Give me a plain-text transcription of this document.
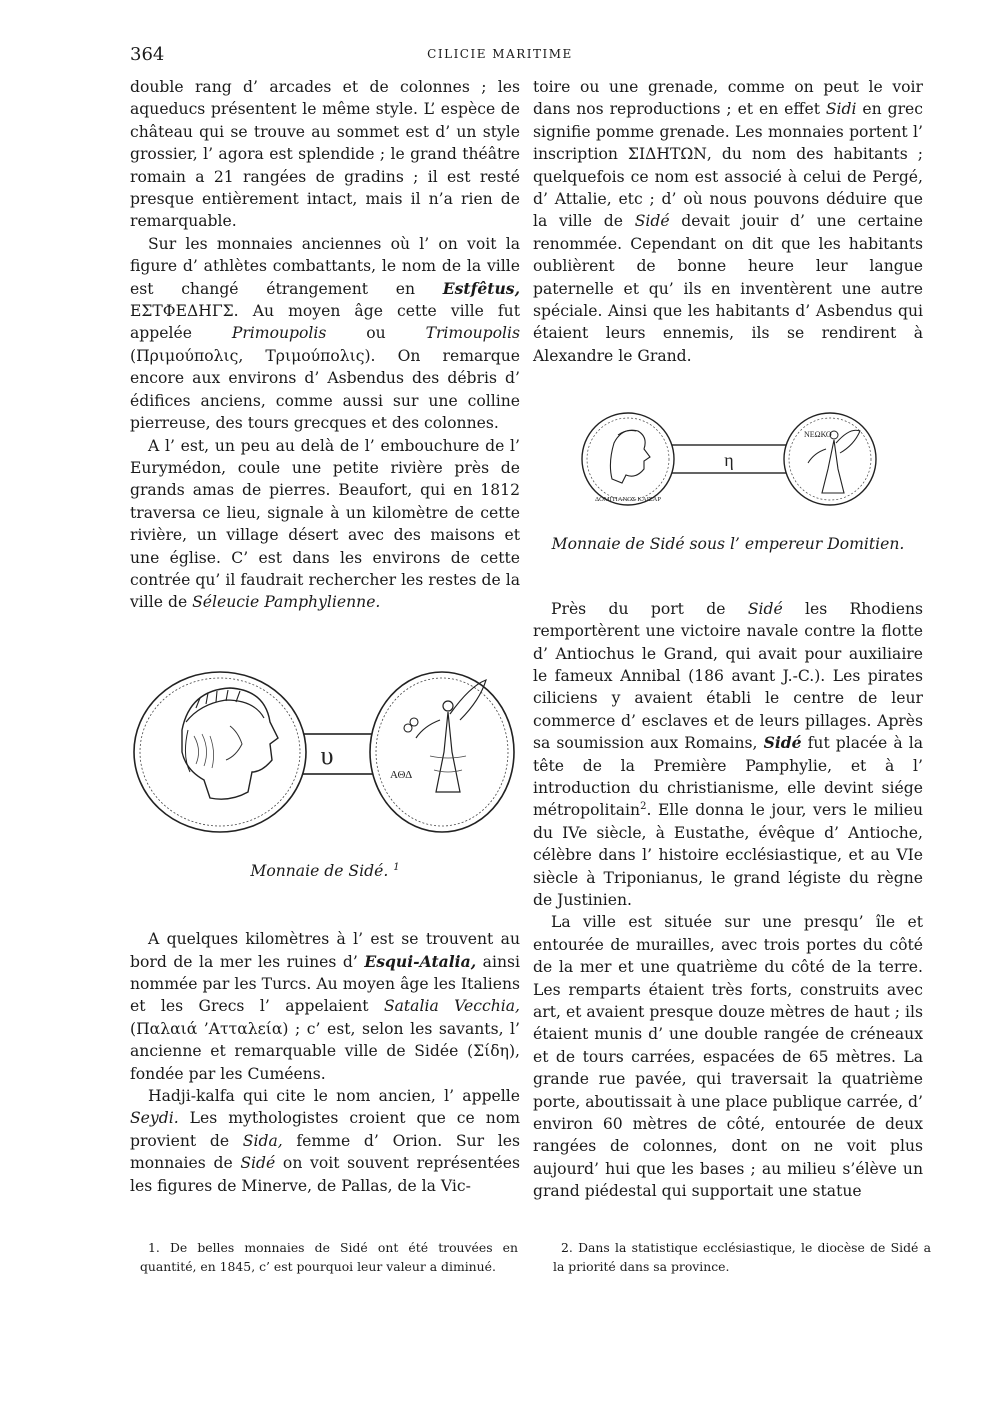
364	CILICIE MARITIME

double rang d’ arcades et de colonnes ; les aqueducs présentent le même style. L’ espèce de château qui se trouve au sommet est d’ un style grossier, l’ agora est splendide ; le grand théâtre romain a 21 rangées de gradins ; il est resté presque entièrement intact, mais il n’a rien de remarquable.

Sur les monnaies anciennes où l’ on voit la figure d’ athlètes combattants, le nom de la ville est changé étrangement en Estfêtus, ΕΣΤΦΕΔΗΓΣ. Au moyen âge cette ville fut appelée Primoupolis ou Trimoupolis (Πριμούπολις, Τριμούπολις). On remarque encore aux environs d’ Asbendus des débris d’ édifices anciens, comme aussi sur une colline pierreuse, des tours grecques et des colonnes.

A l’ est, un peu au delà de l’ embouchure de l’ Eurymédon, coule une petite rivière près de grands amas de pierres. Beaufort, qui en 1812 traversa ce lieu, signale à un kilomètre de cette rivière, un village désert avec des maisons et une église. C’ est dans les environs de cette contrée qu’ il faudrait rechercher les restes de la ville de Séleucie Pamphylienne.

υ
ΑΘΔ

Monnaie de Sidé. $^1$

A quelques kilomètres à l’ est se trouvent au bord de la mer les ruines d’ Esqui-Atalia, ainsi nommée par les Turcs. Au moyen âge les Italiens et les Grecs l’ appelaient Satalia Vecchia, (Παλαιά ’Ατταλεία) ; c’ est, selon les savants, l’ ancienne et remarquable ville de Sidée (Σίδη), fondée par les Cuméens.

Hadji-kalfa qui cite le nom ancien, l’ appelle Seydi. Les mythologistes croient que ce nom provient de Sida, femme d’ Orion. Sur les monnaies de Sidé on voit souvent représentées les figures de Minerve, de Pallas, de la Vic-

toire ou une grenade, comme on peut le voir dans nos reproductions ; et en effet Sidi en grec signifie pomme grenade. Les monnaies portent l’ inscription ΣΙΔΗΤΩΝ, du nom des habitants ; quelquefois ce nom est associé à celui de Pergé, d’ Attalie, etc ; d’ où nous pouvons déduire que la ville de Sidé devait jouir d’ une certaine renommée. Cependant on dit que les habitants oublièrent de bonne heure leur langue paternelle et qu’ ils en inventèrent une autre spéciale. Ainsi que les habitants d’ Asbendus qui étaient leurs ennemis, ils se rendirent à Alexandre le Grand.

η
ΔΟΜΙΤΙΑΝΟΣ ΚΑΙΣΑΡ
ΝΕΩΚΟ

Monnaie de Sidé sous l’ empereur Domitien.

Près du port de Sidé les Rhodiens remportèrent une victoire navale contre la flotte d’ Antiochus le Grand, qui avait pour auxiliaire le fameux Annibal (186 avant J.-C.). Les pirates ciliciens y avaient établi le centre de leur commerce d’ esclaves et de leurs pillages. Après sa soumission aux Romains, Sidé fut placée à la tête de la Première Pamphylie, et à l’ introduction du christianisme, elle devint siége métropolitain$^2$. Elle donna le jour, vers le milieu du IVe siècle, à Eustathe, évêque d’ Antioche, célèbre dans l’ histoire ecclésiastique, et au VIe siècle à Triponianus, le grand légiste du règne de Justinien.

La ville est située sur une presqu’ île et entourée de murailles, avec trois portes du côté de la mer et une quatrième du côté de la terre. Les remparts étaient très forts, construits avec art, et avaient presque douze mètres de haut ; ils étaient munis d’ une double rangée de créneaux et de tours carrées, espacées de 65 mètres. La grande rue pavée, qui traversait la quatrième porte, aboutissait à une place publique carrée, d’ environ 60 mètres de côté, entourée de deux rangées de colonnes, dont on ne voit plus aujourd’ hui que les bases ; au milieu s’élève un grand piédestal qui supportait une statue

1. De belles monnaies de Sidé ont été trouvées en quantité, en 1845, c’ est pourquoi leur valeur a diminué.

2. Dans la statistique ecclésiastique, le diocèse de Sidé a la priorité dans sa province.
